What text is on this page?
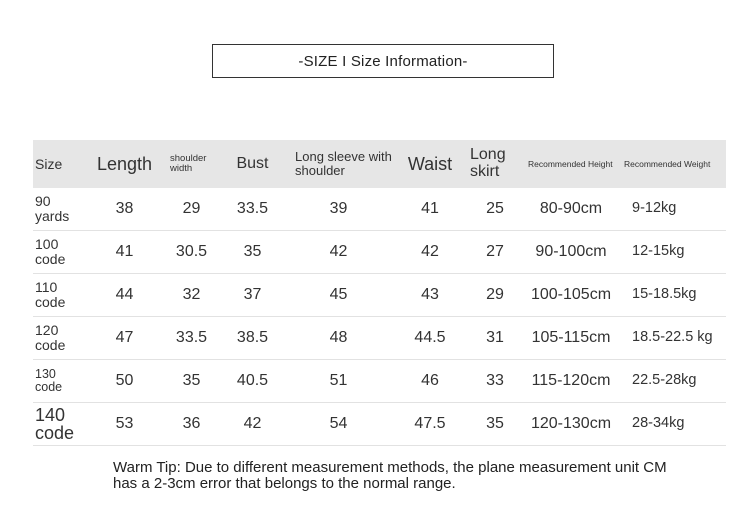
-SIZE I Size Information-
Size	Length	shoulder width	Bust	Long sleeve with shoulder	Waist	Long skirt	Recommended Height	Recommended Weight
90 yards	38	29	33.5	39	41	25	80-90cm	9-12kg
100 code	41	30.5	35	42	42	27	90-100cm	12-15kg
110 code	44	32	37	45	43	29	100-105cm	15-18.5kg
120 code	47	33.5	38.5	48	44.5	31	105-115cm	18.5-22.5 kg
130 code	50	35	40.5	51	46	33	115-120cm	22.5-28kg
140 code	53	36	42	54	47.5	35	120-130cm	28-34kg
Warm Tip: Due to different measurement methods, the plane measurement unit CM has a 2-3cm error that belongs to the normal range.
